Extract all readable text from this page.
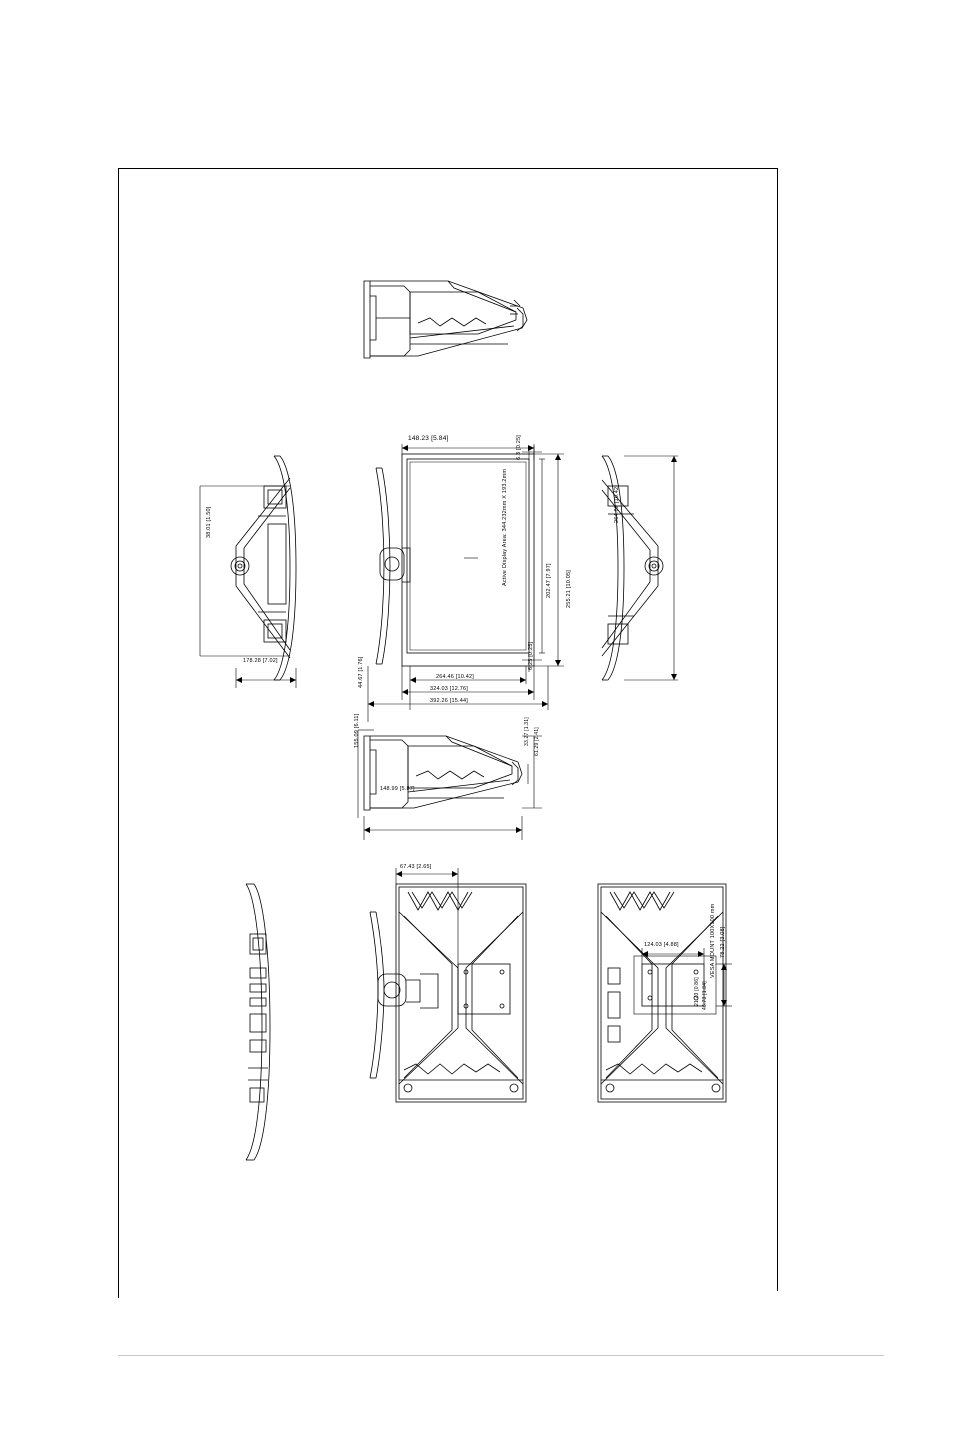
148.23 [5.84]	6.3 [0.25]
Active Display Area: 344.232mm X 193.2mm	202.47 [7.97]	255.21 [10.05]
6.25 [0.25]
264.46 [10.42]
324.03 [12.76]
392.26 [15.44]
38.01 [1.50]
178.28 [7.02]
264.69 [10.42]
44.67 [1.76]
155.09 [6.11]
148.99 [5.87]
33.27 [1.31] 61.29 [2.41]
67.43 [2.65]
124.03 [4.88]	78.22 [3.08]
21.73 [0.86] 46.73 [1.84]
VESA MOUNT 100X100 mm
